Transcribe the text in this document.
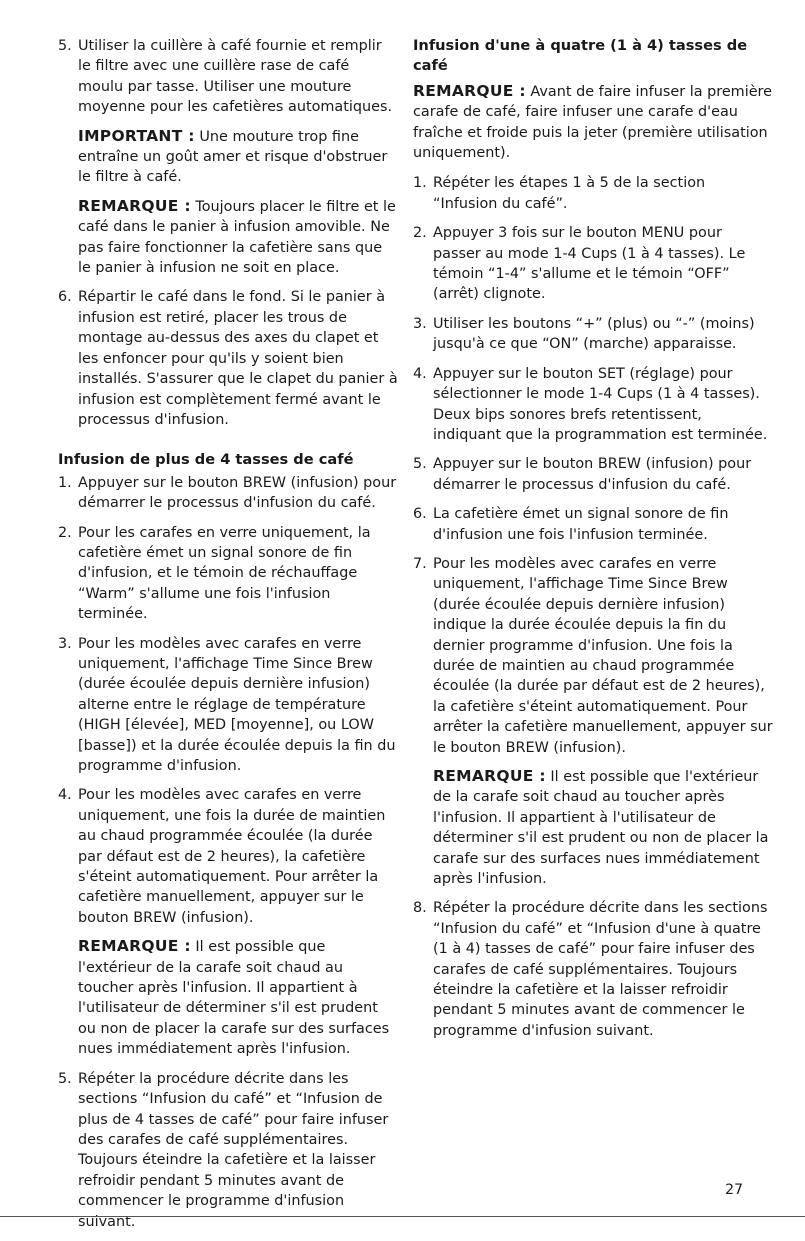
5. Utiliser la cuillère à café fournie et remplir le filtre avec une cuillère rase de café moulu par tasse. Utiliser une mouture moyenne pour les cafetières automatiques.

IMPORTANT : Une mouture trop fine entraîne un goût amer et risque d'obstruer le filtre à café.
REMARQUE : Toujours placer le filtre et le café dans le panier à infusion amovible. Ne pas faire fonctionner la cafetière sans que le panier à infusion ne soit en place.
6. Répartir le café dans le fond. Si le panier à infusion est retiré, placer les trous de montage au-dessus des axes du clapet et les enfoncer pour qu'ils y soient bien installés. S'assurer que le clapet du panier à infusion est complètement fermé avant le processus d'infusion.
Infusion de plus de 4 tasses de café
1. Appuyer sur le bouton BREW (infusion) pour démarrer le processus d'infusion du café.
2. Pour les carafes en verre uniquement, la cafetière émet un signal sonore de fin d'infusion, et le témoin de réchauffage “Warm” s'allume une fois l'infusion terminée.
3. Pour les modèles avec carafes en verre uniquement, l'affichage Time Since Brew (durée écoulée depuis dernière infusion) alterne entre le réglage de température (HIGH [élevée], MED [moyenne], ou LOW [basse]) et la durée écoulée depuis la fin du programme d'infusion.
4. Pour les modèles avec carafes en verre uniquement, une fois la durée de maintien au chaud programmée écoulée (la durée par défaut est de 2 heures), la cafetière s'éteint automatiquement. Pour arrêter la cafetière manuellement, appuyer sur le bouton BREW (infusion).

REMARQUE : Il est possible que l'extérieur de la carafe soit chaud au toucher après l'infusion. Il appartient à l'utilisateur de déterminer s'il est prudent ou non de placer la carafe sur des surfaces nues immédiatement après l'infusion.
5. Répéter la procédure décrite dans les sections “Infusion du café” et “Infusion de plus de 4 tasses de café” pour faire infuser des carafes de café supplémentaires. Toujours éteindre la cafetière et la laisser refroidir pendant 5 minutes avant de commencer le programme d'infusion suivant.
Infusion d'une à quatre (1 à 4) tasses de café

REMARQUE : Avant de faire infuser la première carafe de café, faire infuser une carafe d'eau fraîche et froide puis la jeter (première utilisation uniquement).

1. Répéter les étapes 1 à 5 de la section “Infusion du café”.
2. Appuyer 3 fois sur le bouton MENU pour passer au mode 1-4 Cups (1 à 4 tasses). Le témoin “1-4” s'allume et le témoin “OFF” (arrêt) clignote.
3. Utiliser les boutons “+” (plus) ou “-” (moins) jusqu'à ce que “ON” (marche) apparaisse.
4. Appuyer sur le bouton SET (réglage) pour sélectionner le mode 1-4 Cups (1 à 4 tasses). Deux bips sonores brefs retentissent, indiquant que la programmation est terminée.
5. Appuyer sur le bouton BREW (infusion) pour démarrer le processus d'infusion du café.
6. La cafetière émet un signal sonore de fin d'infusion une fois l'infusion terminée.
7. Pour les modèles avec carafes en verre uniquement, l'affichage Time Since Brew (durée écoulée depuis dernière infusion) indique la durée écoulée depuis la fin du dernier programme d'infusion. Une fois la durée de maintien au chaud programmée écoulée (la durée par défaut est de 2 heures), la cafetière s'éteint automatiquement. Pour arrêter la cafetière manuellement, appuyer sur le bouton BREW (infusion).

REMARQUE : Il est possible que l'extérieur de la carafe soit chaud au toucher après l'infusion. Il appartient à l'utilisateur de déterminer s'il est prudent ou non de placer la carafe sur des surfaces nues immédiatement après l'infusion.
8. Répéter la procédure décrite dans les sections “Infusion du café” et “Infusion d'une à quatre (1 à 4) tasses de café” pour faire infuser des carafes de café supplémentaires. Toujours éteindre la cafetière et la laisser refroidir pendant 5 minutes avant de commencer le programme d'infusion suivant.
27
